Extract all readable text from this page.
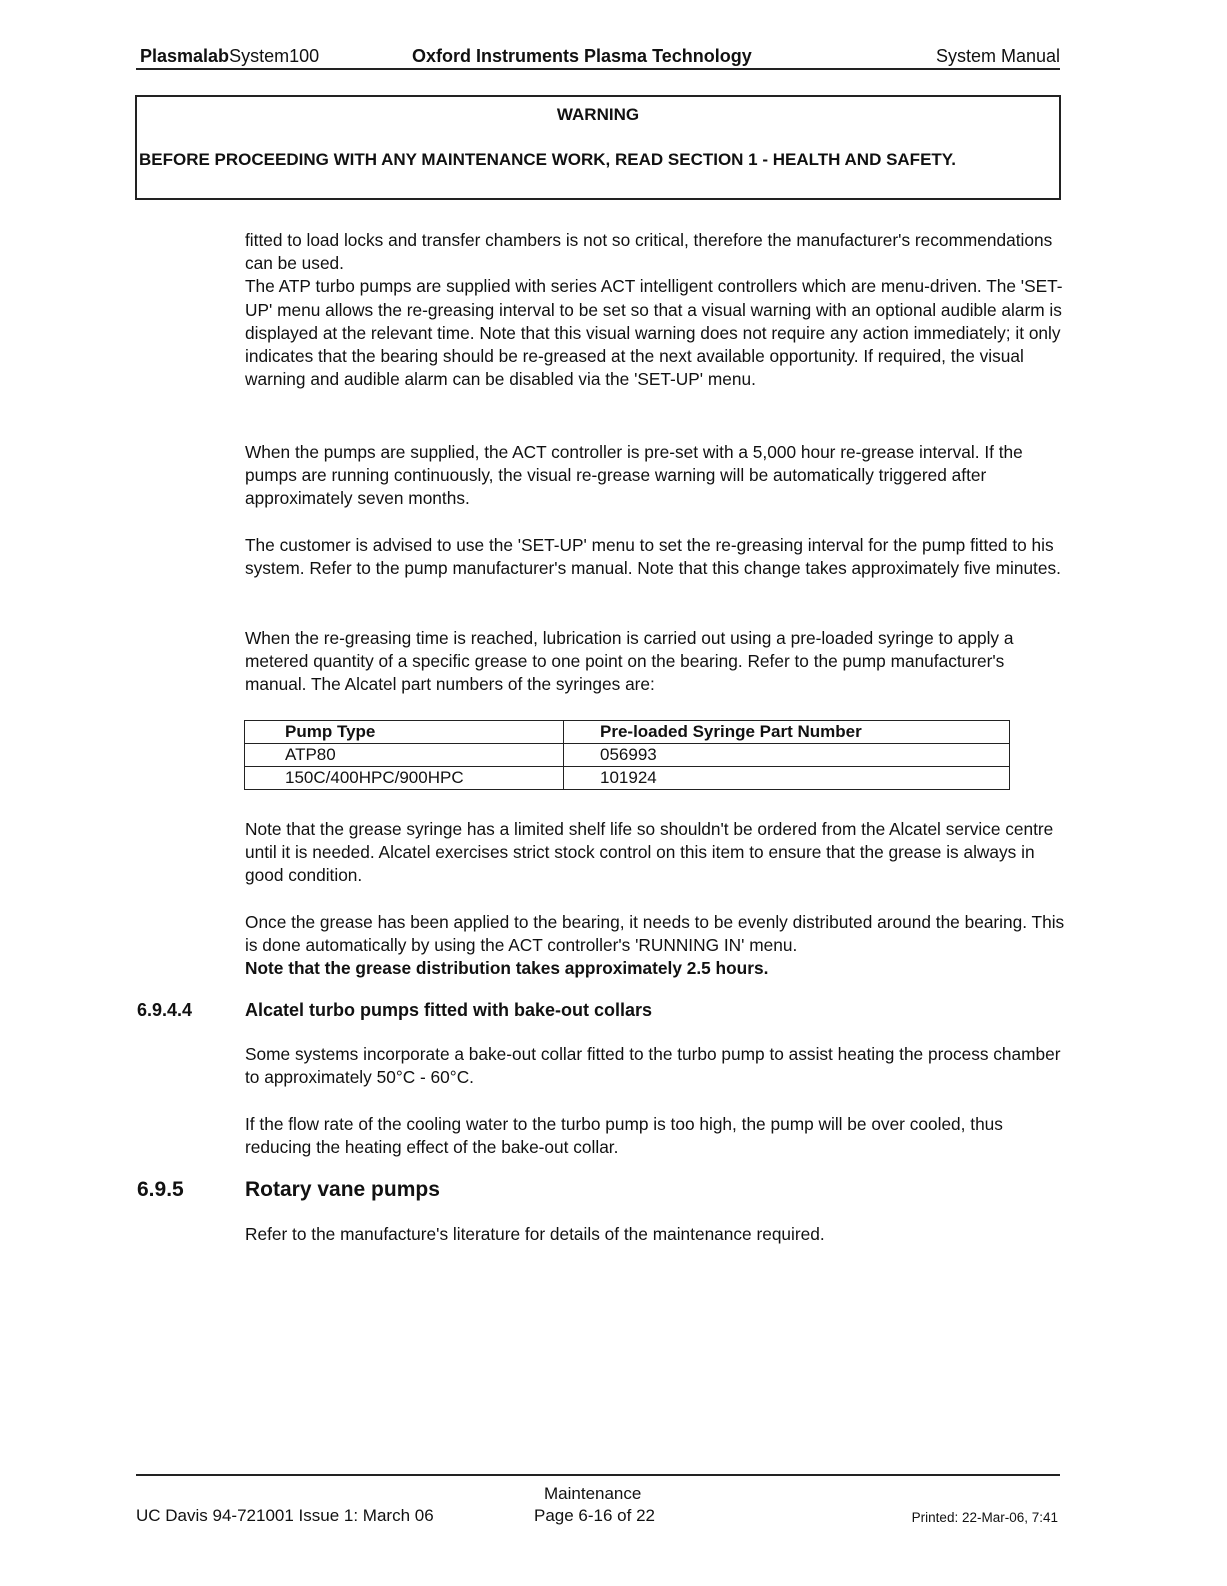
PlasmalabSystem100	Oxford Instruments Plasma Technology	System Manual
WARNING
BEFORE PROCEEDING WITH ANY MAINTENANCE WORK, READ SECTION 1 - HEALTH AND SAFETY.

fitted to load locks and transfer chambers is not so critical, therefore the manufacturer's recommendations can be used.

The ATP turbo pumps are supplied with series ACT intelligent controllers which are menu-driven. The 'SET-UP' menu allows the re-greasing interval to be set so that a visual warning with an optional audible alarm is displayed at the relevant time. Note that this visual warning does not require any action immediately; it only indicates that the bearing should be re-greased at the next available opportunity. If required, the visual warning and audible alarm can be disabled via the 'SET-UP' menu.

When the pumps are supplied, the ACT controller is pre-set with a 5,000 hour re-grease interval. If the pumps are running continuously, the visual re-grease warning will be automatically triggered after approximately seven months.

The customer is advised to use the 'SET-UP' menu to set the re-greasing interval for the pump fitted to his system. Refer to the pump manufacturer's manual. Note that this change takes approximately five minutes.

When the re-greasing time is reached, lubrication is carried out using a pre-loaded syringe to apply a metered quantity of a specific grease to one point on the bearing. Refer to the pump manufacturer's manual. The Alcatel part numbers of the syringes are:

Pump Type	Pre-loaded Syringe Part Number
ATP80	056993
150C/400HPC/900HPC	101924

Note that the grease syringe has a limited shelf life so shouldn't be ordered from the Alcatel service centre until it is needed. Alcatel exercises strict stock control on this item to ensure that the grease is always in good condition.

Once the grease has been applied to the bearing, it needs to be evenly distributed around the bearing. This is done automatically by using the ACT controller's 'RUNNING IN' menu.
Note that the grease distribution takes approximately 2.5 hours.

6.9.4.4	Alcatel turbo pumps fitted with bake-out collars

Some systems incorporate a bake-out collar fitted to the turbo pump to assist heating the process chamber to approximately 50°C - 60°C.

If the flow rate of the cooling water to the turbo pump is too high, the pump will be over cooled, thus reducing the heating effect of the bake-out collar.

6.9.5	Rotary vane pumps

Refer to the manufacture's literature for details of the maintenance required.

UC Davis 94-721001 Issue 1: March 06
Maintenance
Page 6-16 of 22	Printed: 22-Mar-06, 7:41
